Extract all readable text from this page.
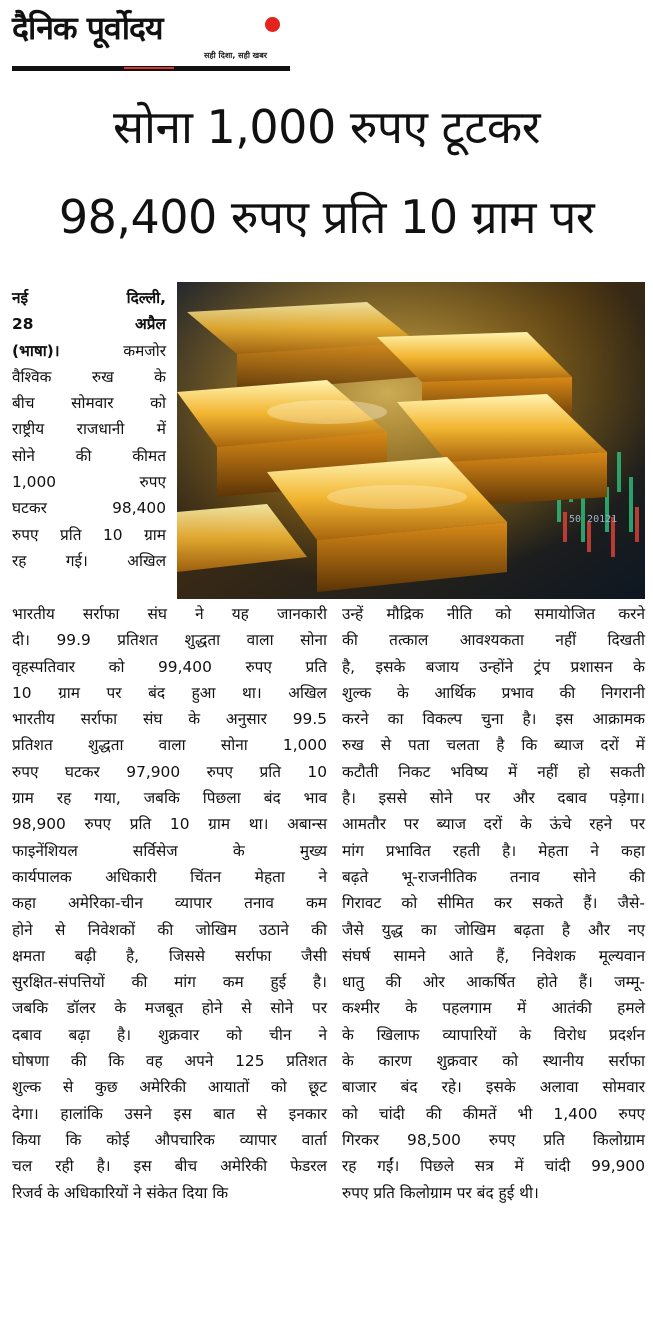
दैनिक पूर्वोदय
सही दिशा, सही खबर
सोना 1,000 रुपए टूटकर
98,400 रुपए प्रति 10 ग्राम पर
50 20121

नई दिल्ली,

28 अप्रैल

(भाषा)।	कमजोर

वैश्विक रुख के

बीच सोमवार को

राष्ट्रीय राजधानी में

सोने की कीमत

1,000 रुपए

घटकर 98,400

रुपए प्रति 10 ग्राम

रह गई। अखिल

भारतीय सर्राफा संघ ने यह जानकारी

दी। 99.9 प्रतिशत शुद्धता वाला सोना

वृहस्पतिवार को 99,400 रुपए प्रति

10 ग्राम पर बंद हुआ था। अखिल

भारतीय सर्राफा संघ के अनुसार 99.5

प्रतिशत शुद्धता वाला सोना 1,000

रुपए घटकर 97,900 रुपए प्रति 10

ग्राम रह गया, जबकि पिछला बंद भाव

98,900 रुपए प्रति 10 ग्राम था। अबान्स

फाइनेंशियल सर्विसेज के मुख्य

कार्यपालक अधिकारी चिंतन मेहता ने

कहा अमेरिका-चीन व्यापार तनाव कम

होने से निवेशकों की जोखिम उठाने की

क्षमता बढ़ी है, जिससे सर्राफा जैसी

सुरक्षित-संपत्तियों की मांग कम हुई है।

जबकि डॉलर के मजबूत होने से सोने पर

दबाव बढ़ा है। शुक्रवार को चीन ने

घोषणा की कि वह अपने 125 प्रतिशत

शुल्क से कुछ अमेरिकी आयातों को छूट

देगा। हालांकि उसने इस बात से इनकार

किया कि कोई औपचारिक व्यापार वार्ता

चल रही है। इस बीच अमेरिकी फेडरल

रिजर्व के अधिकारियों ने संकेत दिया कि

उन्हें मौद्रिक नीति को समायोजित करने

की तत्काल आवश्यकता नहीं दिखती

है, इसके बजाय उन्होंने ट्रंप प्रशासन के

शुल्क के आर्थिक प्रभाव की निगरानी

करने का विकल्प चुना है। इस आक्रामक

रुख से पता चलता है कि ब्याज दरों में

कटौती निकट भविष्य में नहीं हो सकती

है। इससे सोने पर और दबाव पड़ेगा।

आमतौर पर ब्याज दरों के ऊंचे रहने पर

मांग प्रभावित रहती है। मेहता ने कहा

बढ़ते भू-राजनीतिक तनाव सोने की

गिरावट को सीमित कर सकते हैं। जैसे-

जैसे युद्ध का जोखिम बढ़ता है और नए

संघर्ष सामने आते हैं, निवेशक मूल्यवान

धातु की ओर आकर्षित होते हैं। जम्मू-

कश्मीर के पहलगाम में आतंकी हमले

के खिलाफ व्यापारियों के विरोध प्रदर्शन

के कारण शुक्रवार को स्थानीय सर्राफा

बाजार बंद रहे। इसके अलावा सोमवार

को चांदी की कीमतें भी 1,400 रुपए

गिरकर 98,500 रुपए प्रति किलोग्राम

रह गईं। पिछले सत्र में चांदी 99,900

रुपए प्रति किलोग्राम पर बंद हुई थी।
